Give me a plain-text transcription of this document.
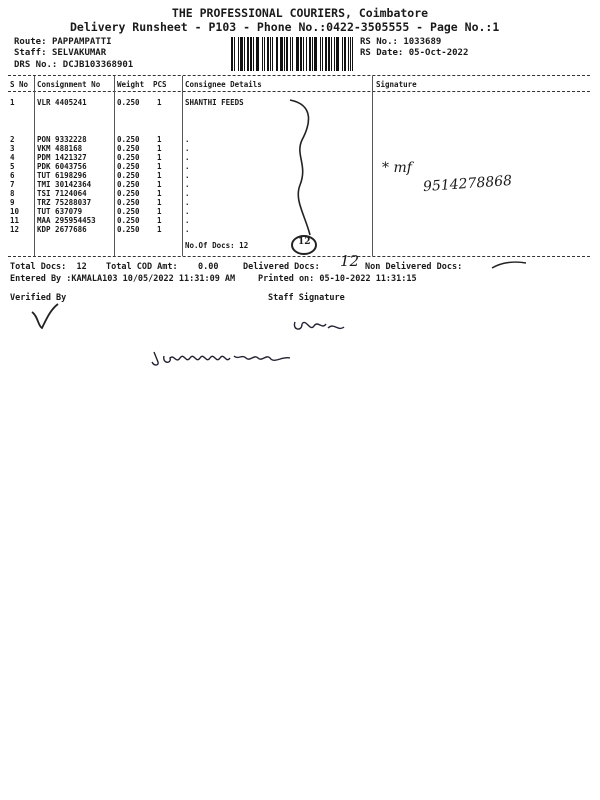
THE PROFESSIONAL COURIERS, Coimbatore
Delivery Runsheet - P103 - Phone No.:0422-3505555 - Page No.:1
Route: PAPPAMPATTI
Staff: SELVAKUMAR
DRS No.: DCJB103368901
RS No.: 1033689
RS Date: 05-Oct-2022
S No Consignment No Weight PCS Consignee Details	Signature
1	VLR 4405241	0.250 1	SHANTHI FEEDS
2	PON 9332228	0.250 1	.
3	VKM 488168	0.250 1	.
4	PDM 1421327	0.250 1	.
5	PDK 6043756	0.250 1	.
6	TUT 6198296	0.250 1	.
7	TMI 30142364	0.250 1	.
8	TSI 7124064	0.250 1	.
9	TRZ 75288037	0.250 1	.
10 TUT 637079	0.250 1	.
11 MAA 295954453	0.250 1	.
12 KDP 2677686	0.250 1	.
No.Of Docs: 12
Total Docs:  12 Total COD Amt: 0.00	Delivered Docs:	Non Delivered Docs:
Entered By :KAMALA103 10/05/2022 11:31:09 AM	Printed on: 05-10-2022 11:31:15
Verified By	Staff Signature
12
* mf
9514278868
12
